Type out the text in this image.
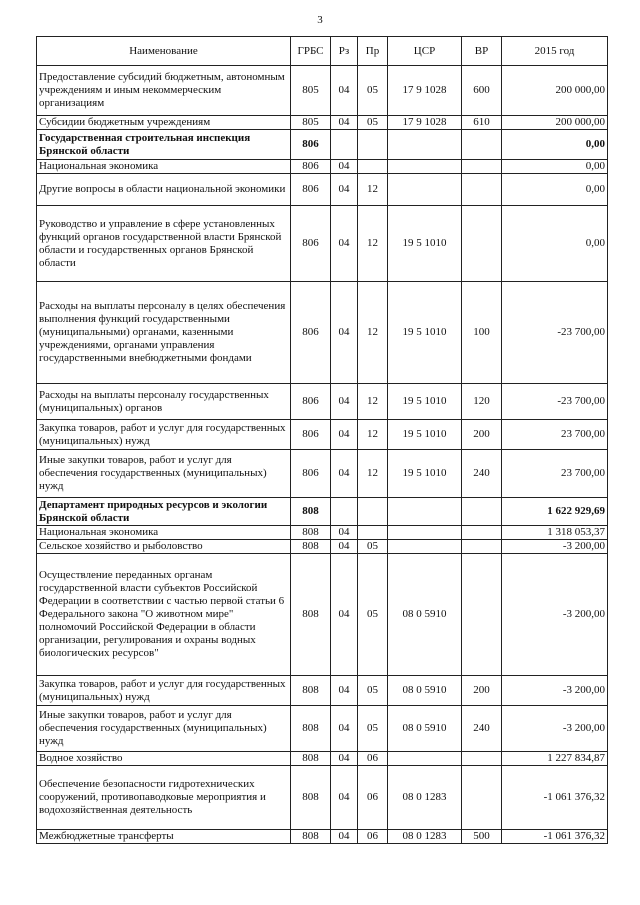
3
Наименование	ГРБС	Рз	Пр	ЦСР	ВР	2015 год
Предоставление субсидий бюджетным, автономным учреждениям и иным некоммерческим организациям	805	04	05	17 9 1028	600	200 000,00
Субсидии бюджетным учреждениям	805	04	05	17 9 1028	610	200 000,00
Государственная строительная инспекция Брянской области	806					0,00
Национальная экономика	806	04				0,00
Другие вопросы в области национальной экономики	806	04	12			0,00
Руководство и управление в сфере установленных функций органов государственной власти Брянской области и государственных органов Брянской области	806	04	12	19 5 1010		0,00
Расходы на выплаты персоналу в целях обеспечения выполнения функций государственными (муниципальными) органами, казенными учреждениями, органами управления государственными внебюджетными фондами	806	04	12	19 5 1010	100	-23 700,00
Расходы на выплаты персоналу государственных (муниципальных) органов	806	04	12	19 5 1010	120	-23 700,00
Закупка товаров, работ и услуг для государственных (муниципальных) нужд	806	04	12	19 5 1010	200	23 700,00
Иные закупки товаров, работ и услуг для обеспечения государственных (муниципальных) нужд	806	04	12	19 5 1010	240	23 700,00
Департамент природных ресурсов и экологии Брянской области	808					1 622 929,69
Национальная экономика	808	04				1 318 053,37
Сельское хозяйство и рыболовство	808	04	05			-3 200,00
Осуществление переданных органам государственной власти субъектов Российской Федерации в соответствии с частью первой статьи 6 Федерального закона "О животном мире" полномочий Российской Федерации в области организации, регулирования и охраны водных биологических ресурсов"	808	04	05	08 0 5910		-3 200,00
Закупка товаров, работ и услуг для государственных (муниципальных) нужд	808	04	05	08 0 5910	200	-3 200,00
Иные закупки товаров, работ и услуг для обеспечения государственных (муниципальных) нужд	808	04	05	08 0 5910	240	-3 200,00
Водное хозяйство	808	04	06			1 227 834,87
Обеспечение безопасности гидротехнических сооружений, противопаводковые мероприятия и водохозяйственная деятельность	808	04	06	08 0 1283		-1 061 376,32
Межбюджетные трансферты	808	04	06	08 0 1283	500	-1 061 376,32
